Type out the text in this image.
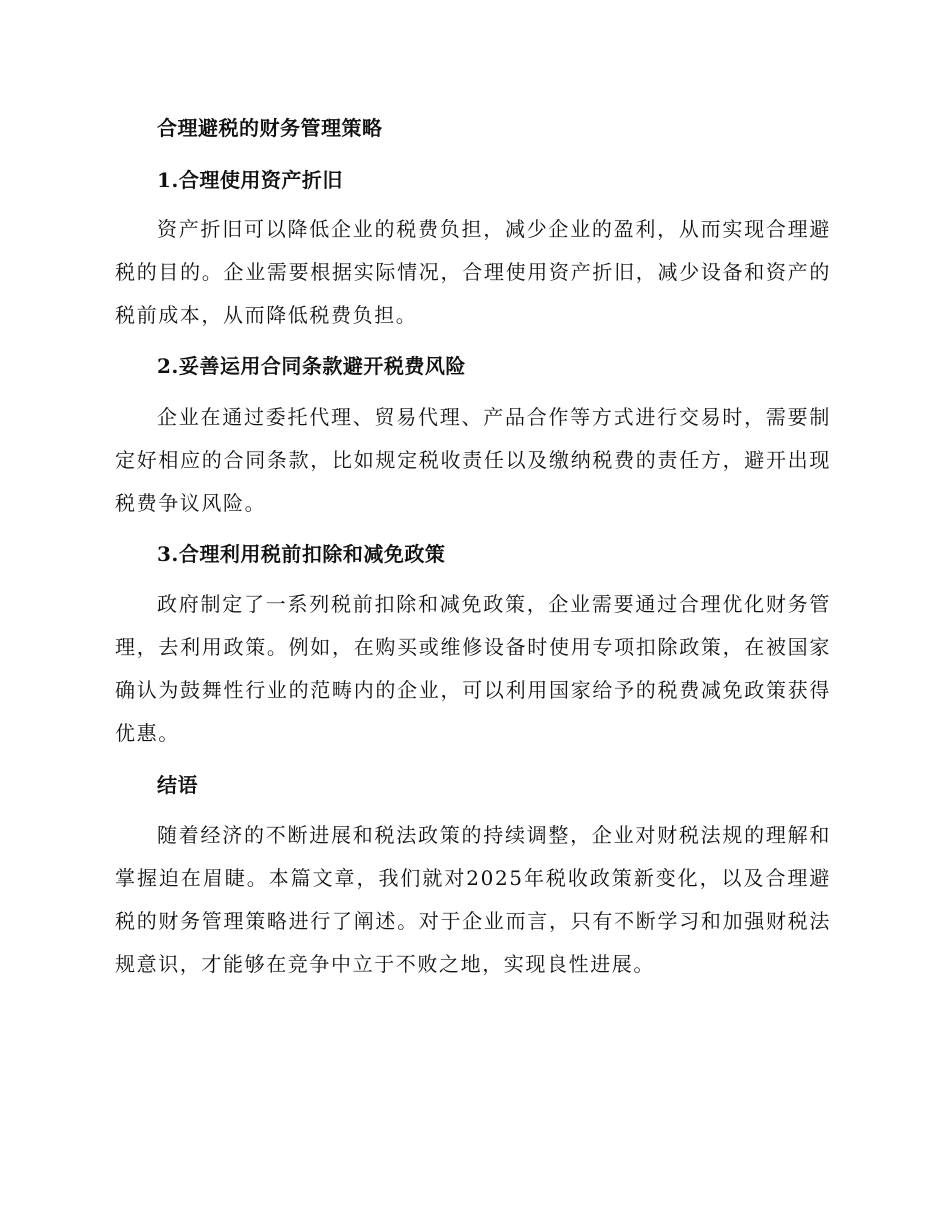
合理避税的财务管理策略
1.合理使用资产折旧

资产折旧可以降低企业的税费负担，减少企业的盈利，从而实现合理避税的目的。企业需要根据实际情况，合理使用资产折旧，减少设备和资产的税前成本，从而降低税费负担。

2.妥善运用合同条款避开税费风险

企业在通过委托代理、贸易代理、产品合作等方式进行交易时，需要制定好相应的合同条款，比如规定税收责任以及缴纳税费的责任方，避开出现税费争议风险。

3.合理利用税前扣除和减免政策

政府制定了一系列税前扣除和减免政策，企业需要通过合理优化财务管理，去利用政策。例如，在购买或维修设备时使用专项扣除政策，在被国家确认为鼓舞性行业的范畴内的企业，可以利用国家给予的税费减免政策获得优惠。

结语

随着经济的不断进展和税法政策的持续调整，企业对财税法规的理解和掌握迫在眉睫。本篇文章，我们就对2025年税收政策新变化，以及合理避税的财务管理策略进行了阐述。对于企业而言，只有不断学习和加强财税法规意识，才能够在竞争中立于不败之地，实现良性进展。
